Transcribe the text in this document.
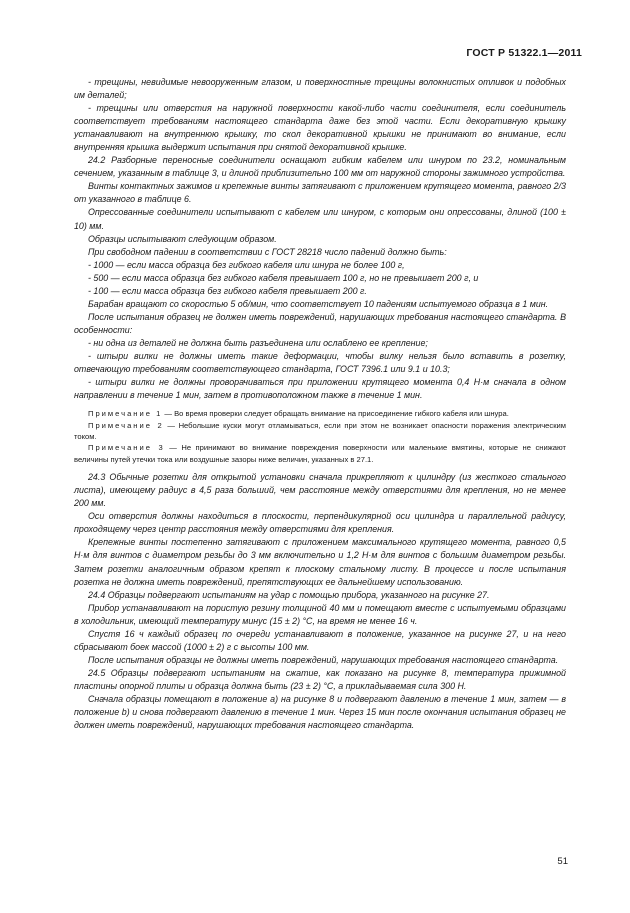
ГОСТ Р 51322.1—2011

- трещины, невидимые невооруженным глазом, и поверхностные трещины волокнистых отливок и подобных им деталей;

- трещины или отверстия на наружной поверхности какой-либо части соединителя, если соединитель соответствует требованиям настоящего стандарта даже без этой части. Если декоративную крышку устанавливают на внутреннюю крышку, то скол декоративной крышки не принимают во внимание, если внутренняя крышка выдержит испытания при снятой декоративной крышке.

24.2 Разборные переносные соединители оснащают гибким кабелем или шнуром по 23.2, номинальным сечением, указанным в таблице 3, и длиной приблизительно 100 мм от наружной стороны зажимного устройства.

Винты контактных зажимов и крепежные винты затягивают с приложением крутящего момента, равного 2/3 от указанного в таблице 6.

Опрессованные соединители испытывают с кабелем или шнуром, с которым они опрессованы, длиной (100 ± 10) мм.

Образцы испытывают следующим образом.

При свободном падении в соответствии с ГОСТ 28218 число падений должно быть:

- 1000 — если масса образца без гибкого кабеля или шнура не более 100 г,

- 500 — если масса образца без гибкого кабеля превышает 100 г, но не превышает 200 г, и

- 100 — если масса образца без гибкого кабеля превышает 200 г.

Барабан вращают со скоростью 5 об/мин, что соответствует 10 падениям испытуемого образца в 1 мин.

После испытания образец не должен иметь повреждений, нарушающих требования настоящего стандарта. В особенности:

- ни одна из деталей не должна быть разъединена или ослаблено ее крепление;

- штыри вилки не должны иметь такие деформации, чтобы вилку нельзя было вставить в розетку, отвечающую требованиям соответствующего стандарта, ГОСТ 7396.1 или 9.1 и 10.3;

- штыри вилки не должны проворачиваться при приложении крутящего момента 0,4 Н·м сначала в одном направлении в течение 1 мин, затем в противоположном также в течение 1 мин.

Примечание 1 — Во время проверки следует обращать внимание на присоединение гибкого кабеля или шнура.

Примечание 2 — Небольшие куски могут отламываться, если при этом не возникает опасности поражения электрическим током.

Примечание 3 — Не принимают во внимание повреждения поверхности или маленькие вмятины, которые не снижают величины путей утечки тока или воздушные зазоры ниже величин, указанных в 27.1.

24.3 Обычные розетки для открытой установки сначала прикрепляют к цилиндру (из жесткого стального листа), имеющему радиус в 4,5 раза больший, чем расстояние между отверстиями для крепления, но не менее 200 мм.

Оси отверстия должны находиться в плоскости, перпендикулярной оси цилиндра и параллельной радиусу, проходящему через центр расстояния между отверстиями для крепления.

Крепежные винты постепенно затягивают с приложением максимального крутящего момента, равного 0,5 Н·м для винтов с диаметром резьбы до 3 мм включительно и 1,2 Н·м для винтов с большим диаметром резьбы. Затем розетки аналогичным образом крепят к плоскому стальному листу. В процессе и после испытания розетка не должна иметь повреждений, препятствующих ее дальнейшему использованию.

24.4 Образцы подвергают испытаниям на удар с помощью прибора, указанного на рисунке 27.

Прибор устанавливают на пористую резину толщиной 40 мм и помещают вместе с испытуемыми образцами в холодильник, имеющий температуру минус (15 ± 2) °С, на время не менее 16 ч.

Спустя 16 ч каждый образец по очереди устанавливают в положение, указанное на рисунке 27, и на него сбрасывают боек массой (1000 ± 2) г с высоты 100 мм.

После испытания образцы не должны иметь повреждений, нарушающих требования настоящего стандарта.

24.5 Образцы подвергают испытаниям на сжатие, как показано на рисунке 8, температура прижимной пластины опорной плиты и образца должна быть (23 ± 2) °С, а прикладываемая сила 300 Н.

Сначала образцы помещают в положение а) на рисунке 8 и подвергают давлению в течение 1 мин, затем — в положение b) и снова подвергают давлению в течение 1 мин. Через 15 мин после окончания испытания образец не должен иметь повреждений, нарушающих требования настоящего стандарта.

51
